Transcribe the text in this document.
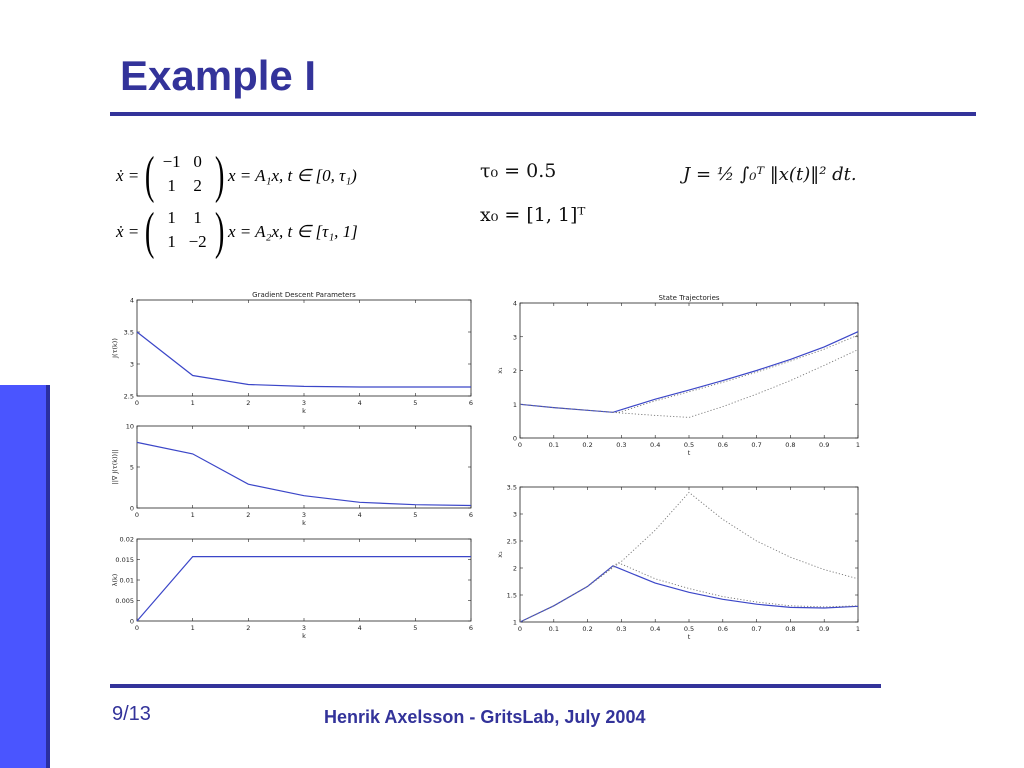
Example I
ẋ = ( −1 0
1	2 ) x = A₁x, t ∈ [0, τ₁)
ẋ = ( 1	1
1 −2 ) x = A₂x, t ∈ [τ₁, 1]
τ₀ = 0.5
x₀ = [1, 1]ᵀ
J = ½ ∫₀ᵀ ‖x(t)‖² dt.
0	1	2	3	4	5	6
2.5
3
3.5
4
Gradient Descent Parameters
k
J(τ(k))
0	1	2	3	4	5	6
0
5
10
k
||∇ J(τ(k))||
0	1	2	3	4	5	6
0
0.005
0.01
0.015
0.02
k
λ(k)
0	0.1	0.2	0.3	0.4	0.5	0.6	0.7	0.8	0.9	1
0
1
2
3
4
State Trajectories
t
x₁
0	0.1	0.2	0.3	0.4	0.5	0.6	0.7	0.8	0.9	1
1
1.5
2
2.5
3
3.5
t
x₂
9/13	Henrik Axelsson - GritsLab, July 2004
